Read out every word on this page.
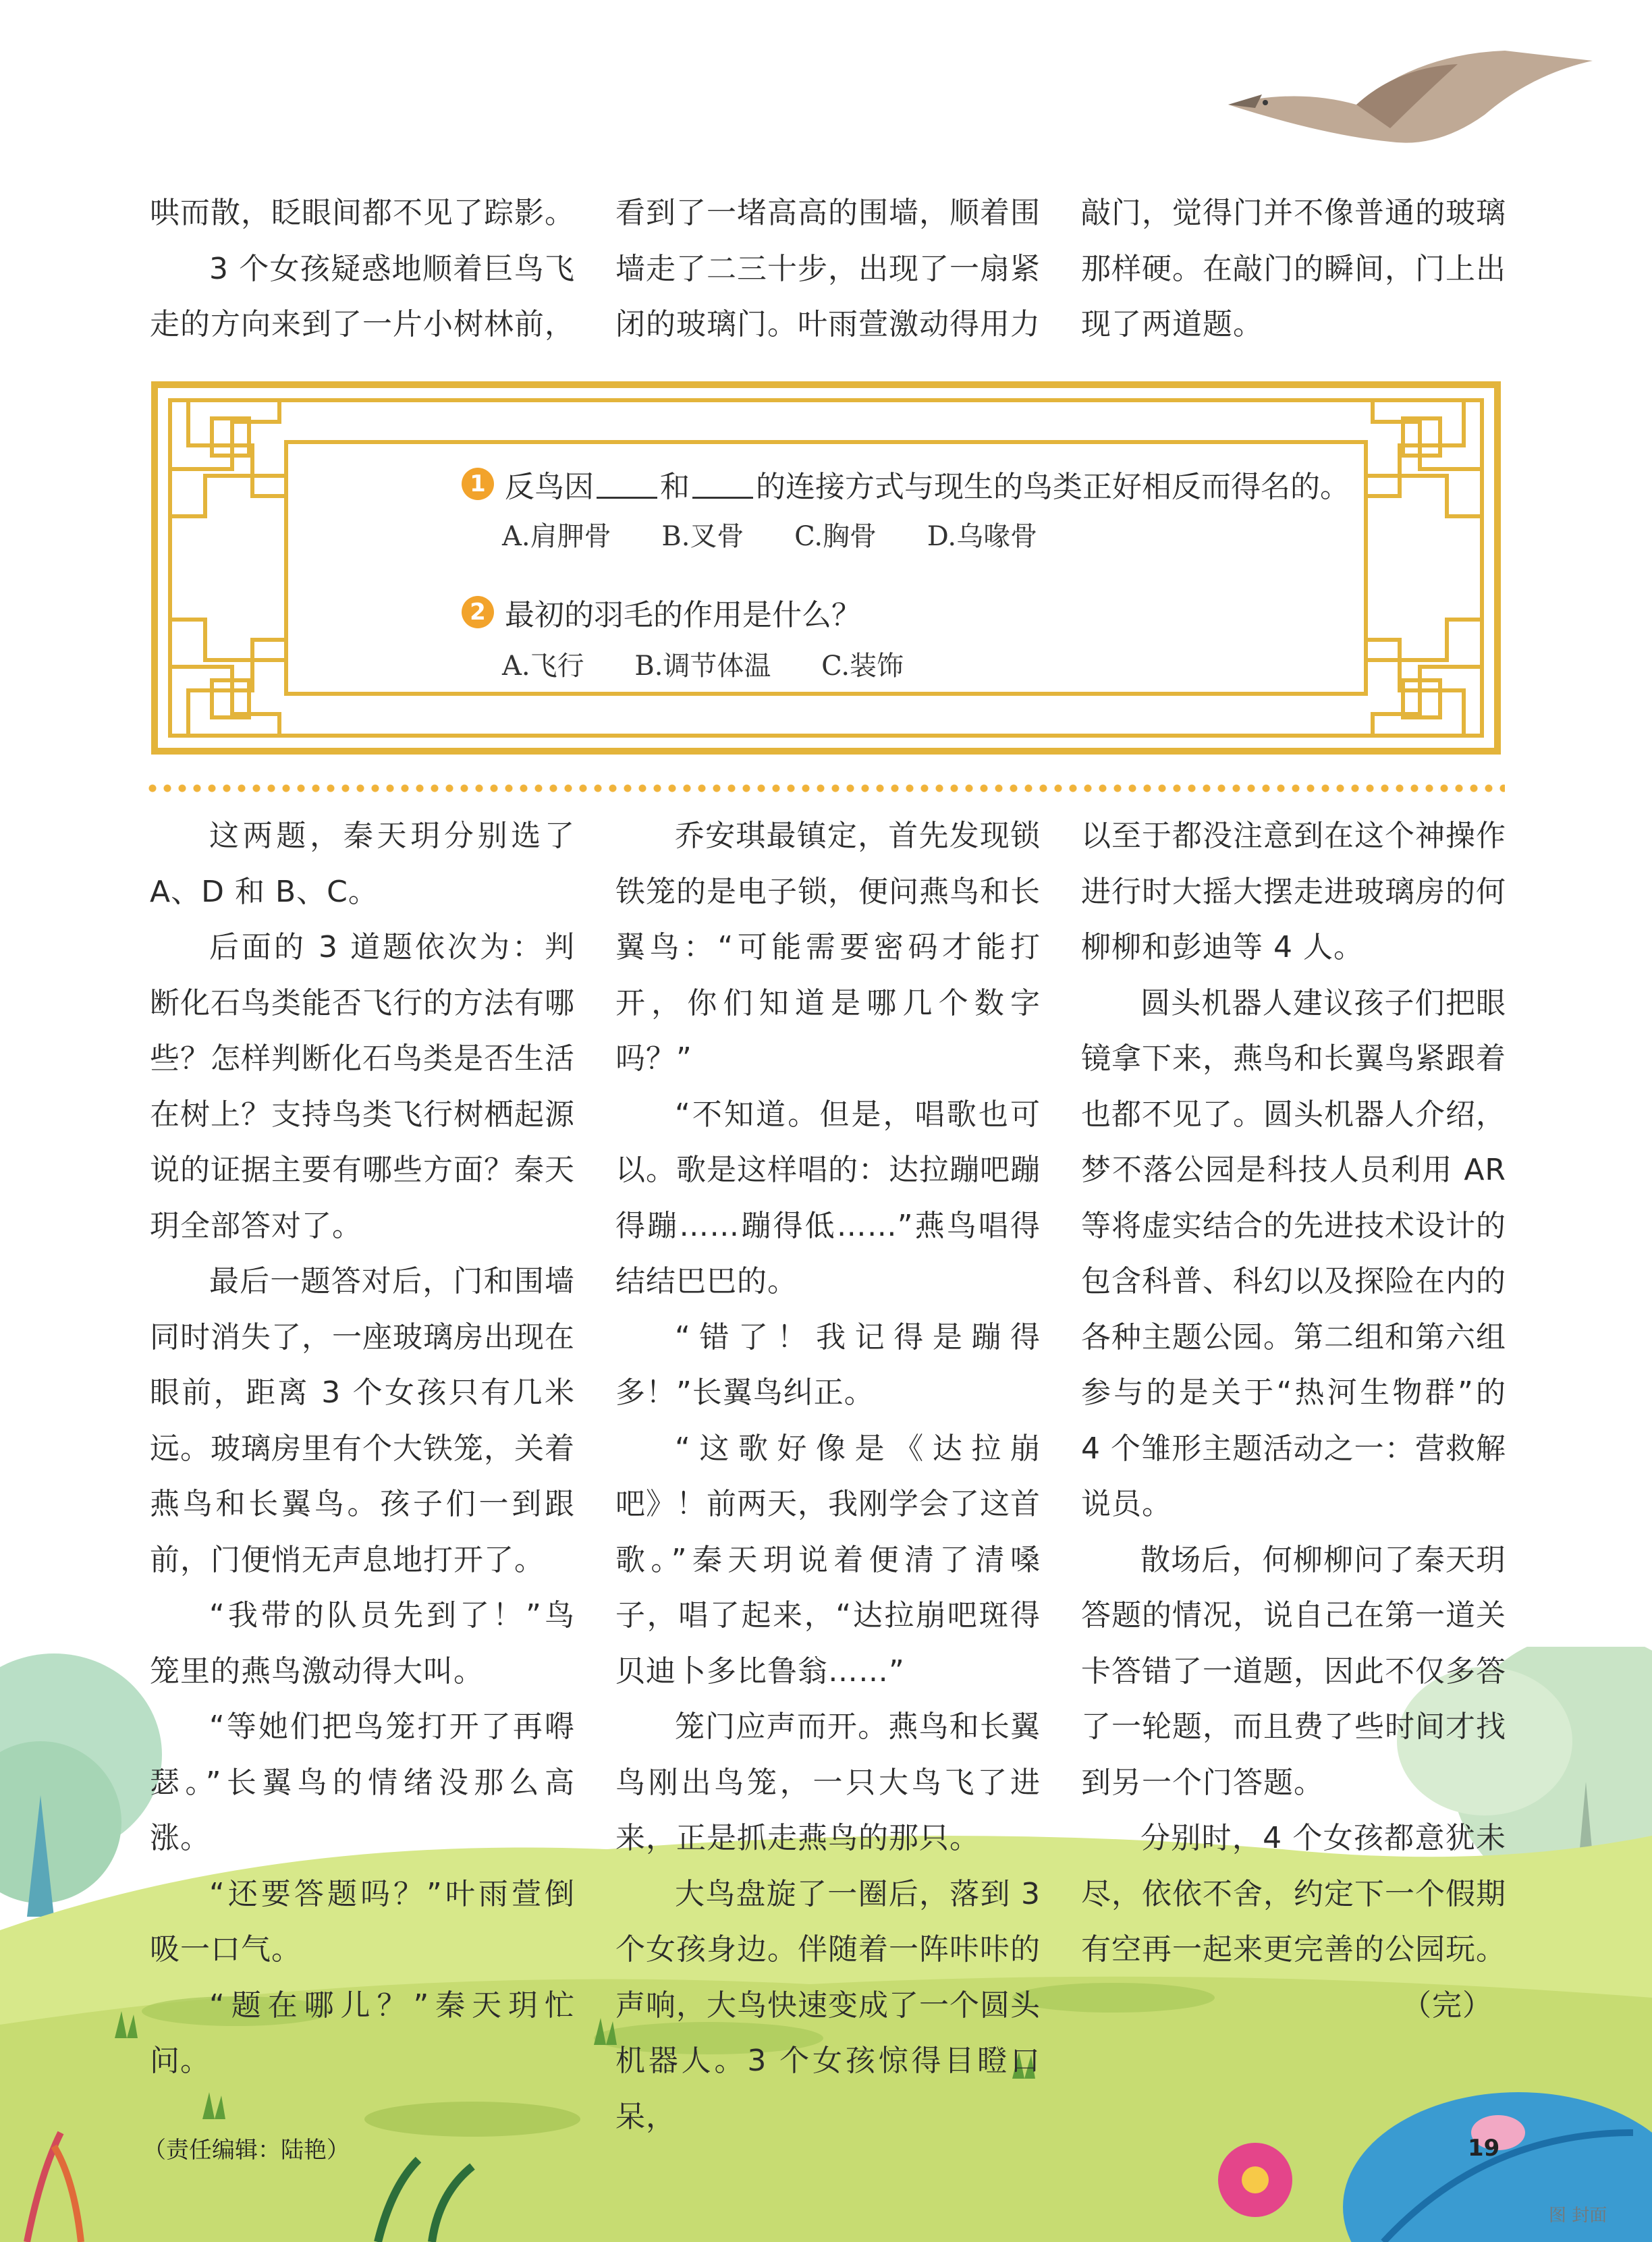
哄而散，眨眼间都不见了踪影。

3 个女孩疑惑地顺着巨鸟飞走的方向来到了一片小树林前，

看到了一堵高高的围墙，顺着围墙走了二三十步，出现了一扇紧闭的玻璃门。叶雨萱激动得用力

敲门，觉得门并不像普通的玻璃那样硬。在敲门的瞬间，门上出现了两道题。

1 反鸟因 和 的连接方式与现生的鸟类正好相反而得名的。
A.肩胛骨 B.叉骨 C.胸骨 D.乌喙骨
2 最初的羽毛的作用是什么？
A.飞行 B.调节体温 C.装饰

这两题，秦天玥分别选了 A、D 和 B、C。

后面的 3 道题依次为：判断化石鸟类能否飞行的方法有哪些？怎样判断化石鸟类是否生活在树上？支持鸟类飞行树栖起源说的证据主要有哪些方面？秦天玥全部答对了。

最后一题答对后，门和围墙同时消失了，一座玻璃房出现在眼前，距离 3 个女孩只有几米远。玻璃房里有个大铁笼，关着燕鸟和长翼鸟。孩子们一到跟前，门便悄无声息地打开了。

“我带的队员先到了！”鸟笼里的燕鸟激动得大叫。

“等她们把鸟笼打开了再嘚瑟。”长翼鸟的情绪没那么高涨。

“还要答题吗？”叶雨萱倒吸一口气。

“题在哪儿？”秦天玥忙问。

乔安琪最镇定，首先发现锁铁笼的是电子锁，便问燕鸟和长翼鸟：“可能需要密码才能打开，你们知道是哪几个数字吗？”

“不知道。但是，唱歌也可以。歌是这样唱的：达拉蹦吧蹦得蹦……蹦得低……”燕鸟唱得结结巴巴的。

“错了！我记得是蹦得多！”长翼鸟纠正。

“这歌好像是《达拉崩吧》！前两天，我刚学会了这首歌。”秦天玥说着便清了清嗓子，唱了起来，“达拉崩吧斑得贝迪卜多比鲁翁……”

笼门应声而开。燕鸟和长翼鸟刚出鸟笼，一只大鸟飞了进来，正是抓走燕鸟的那只。

大鸟盘旋了一圈后，落到 3 个女孩身边。伴随着一阵咔咔的声响，大鸟快速变成了一个圆头机器人。3 个女孩惊得目瞪口呆，

以至于都没注意到在这个神操作进行时大摇大摆走进玻璃房的何柳柳和彭迪等 4 人。

圆头机器人建议孩子们把眼镜拿下来，燕鸟和长翼鸟紧跟着也都不见了。圆头机器人介绍，梦不落公园是科技人员利用 AR 等将虚实结合的先进技术设计的包含科普、科幻以及探险在内的各种主题公园。第二组和第六组参与的是关于“热河生物群”的 4 个雏形主题活动之一：营救解说员。

散场后，何柳柳问了秦天玥答题的情况，说自己在第一道关卡答错了一道题，因此不仅多答了一轮题，而且费了些时间才找到另一个门答题。

分别时，4 个女孩都意犹未尽，依依不舍，约定下一个假期有空再一起来更完善的公园玩。

（完）

（责任编辑：陆艳）	19
图 封面
